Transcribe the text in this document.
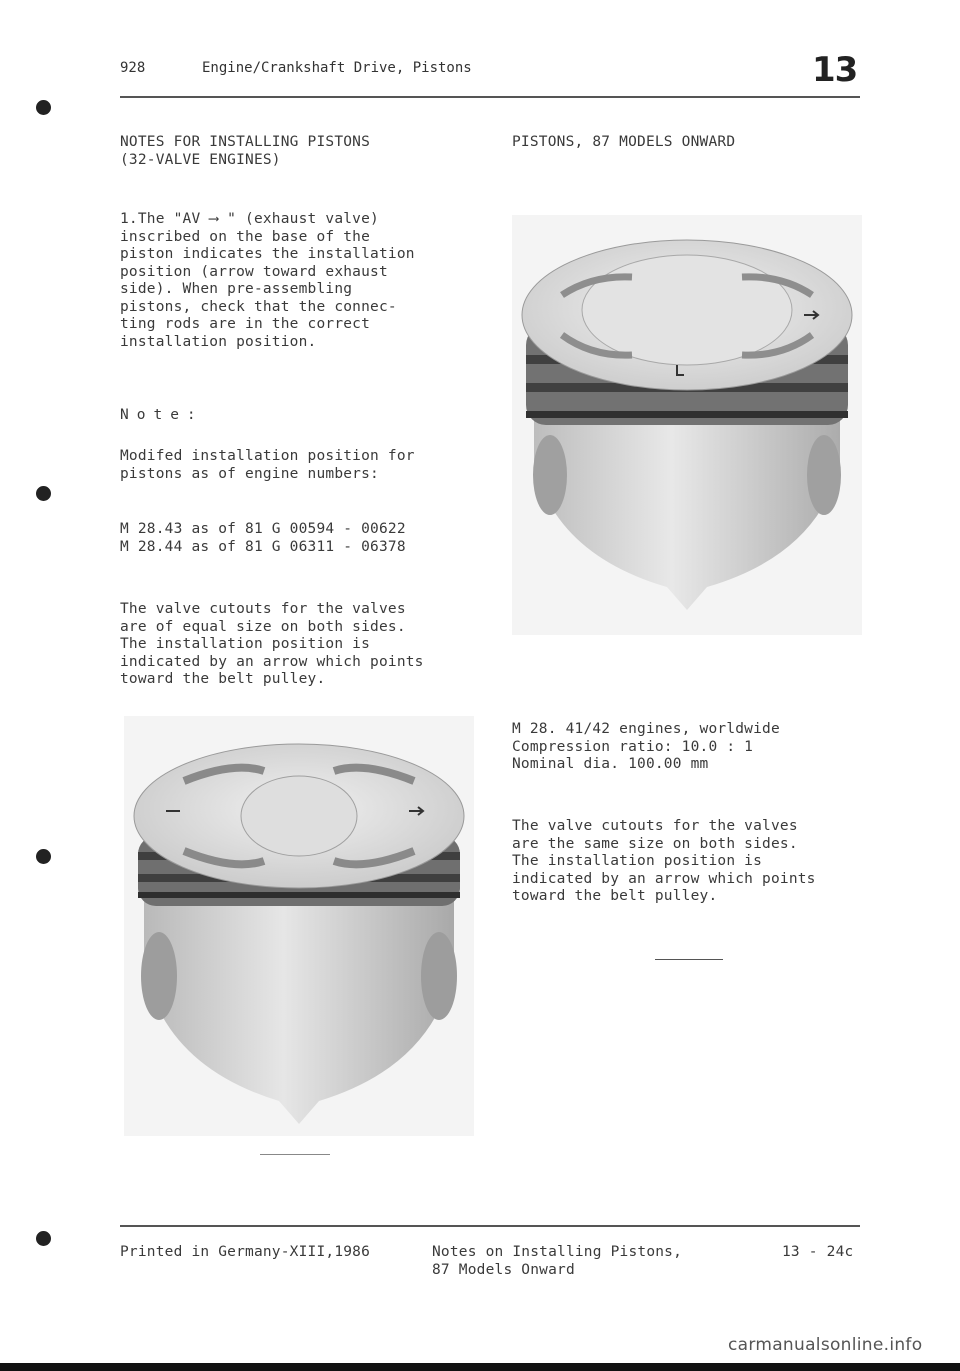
928	Engine/Crankshaft Drive, Pistons	13
NOTES FOR INSTALLING PISTONS
(32-VALVE ENGINES)
1.The "AV ⟶ " (exhaust valve)
inscribed on the base of the
piston indicates the installation
position (arrow toward exhaust
side). When pre-assembling
pistons, check that the connec-
ting rods are in the correct
installation position.
Note:
Modifed installation position for
pistons as of engine numbers:
M 28.43 as of 81 G 00594 - 00622
M 28.44 as of 81 G 06311 - 06378
The valve cutouts for the valves
are of equal size on both sides.
The installation position is
indicated by an arrow which points
toward the belt pulley.
PISTONS, 87 MODELS ONWARD
M 28. 41/42 engines, worldwide
Compression ratio: 10.0 : 1
Nominal dia. 100.00 mm
The valve cutouts for the valves
are the same size on both sides.
The installation position is
indicated by an arrow which points
toward the belt pulley.
Printed in Germany-XIII,1986	Notes on Installing Pistons,
87 Models Onward
13 - 24c
carmanualsonline.info
